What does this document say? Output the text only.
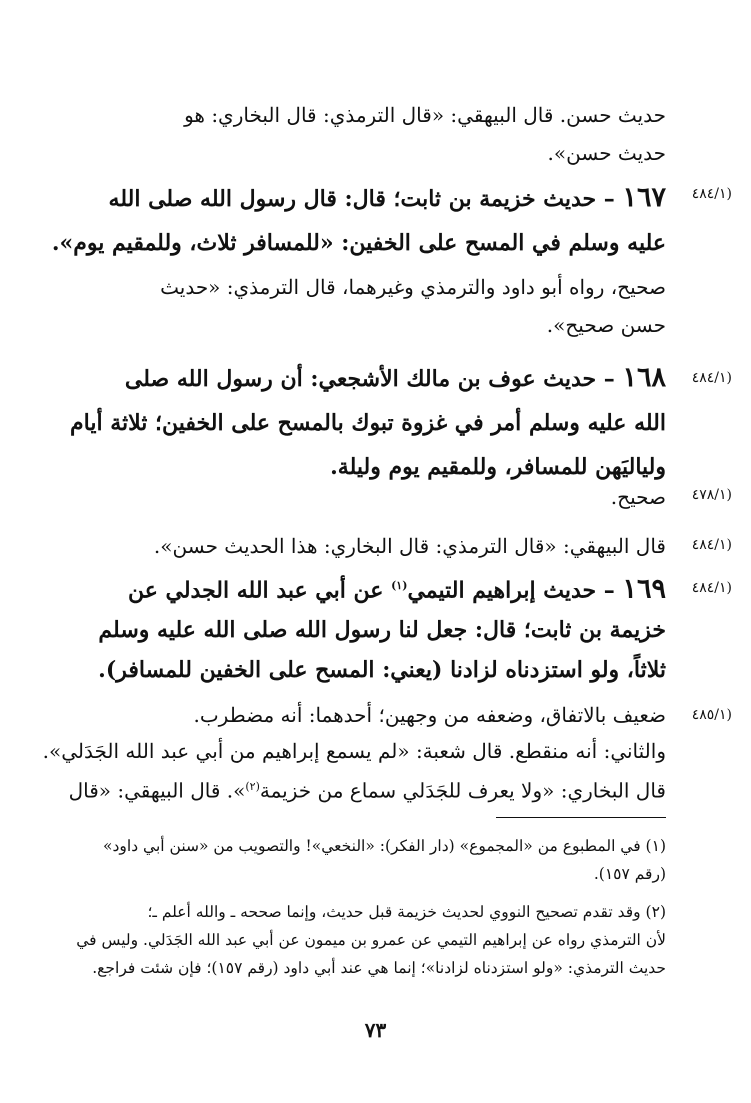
حديث حسن. قال البيهقي: «قال الترمذي: قال البخاري: هو
حديث حسن».
(٤٨٤/١
١٦٧ – حديث خزيمة بن ثابت؛ قال: قال رسول الله صلى الله
عليه وسلم في المسح على الخفين: «للمسافر ثلاث، وللمقيم يوم».
صحيح، رواه أبو داود والترمذي وغيرهما، قال الترمذي: «حديث
حسن صحيح».
(٤٨٤/١
١٦٨ – حديث عوف بن مالك الأشجعي: أن رسول الله صلى
الله عليه وسلم أمر في غزوة تبوك بالمسح على الخفين؛ ثلاثة أيام
ولياليَهن للمسافر، وللمقيم يوم وليلة.
(٤٧٨/١
صحيح.
(٤٨٤/١
قال البيهقي: «قال الترمذي: قال البخاري: هذا الحديث حسن».
(٤٨٤/١
١٦٩ – حديث إبراهيم التيمي$^{(١)}$ عن أبي عبد الله الجدلي عن
خزيمة بن ثابت؛ قال: جعل لنا رسول الله صلى الله عليه وسلم
ثلاثاً، ولو استزدناه لزادنا (يعني: المسح على الخفين للمسافر).
(٤٨٥/١
ضعيف بالاتفاق، وضعفه من وجهين؛ أحدهما: أنه مضطرب.
والثاني: أنه منقطع. قال شعبة: «لم يسمع إبراهيم من أبي عبد الله الجَدَلي».
قال البخاري: «ولا يعرف للجَدَلي سماع من خزيمة$^{(٢)}$». قال البيهقي: «قال
(١) في المطبوع من «المجموع» (دار الفكر): «النخعي»! والتصويب من «سنن أبي داود»
(رقم ١٥٧).
(٢) وقد تقدم تصحيح النووي لحديث خزيمة قبل حديث، وإنما صححه ـ والله أعلم ـ؛
لأن الترمذي رواه عن إبراهيم التيمي عن عمرو بن ميمون عن أبي عبد الله الجَدَلي. وليس في
حديث الترمذي: «ولو استزدناه لزادنا»؛ إنما هي عند أبي داود (رقم ١٥٧)؛ فإن شئت فراجع.
٧٣
